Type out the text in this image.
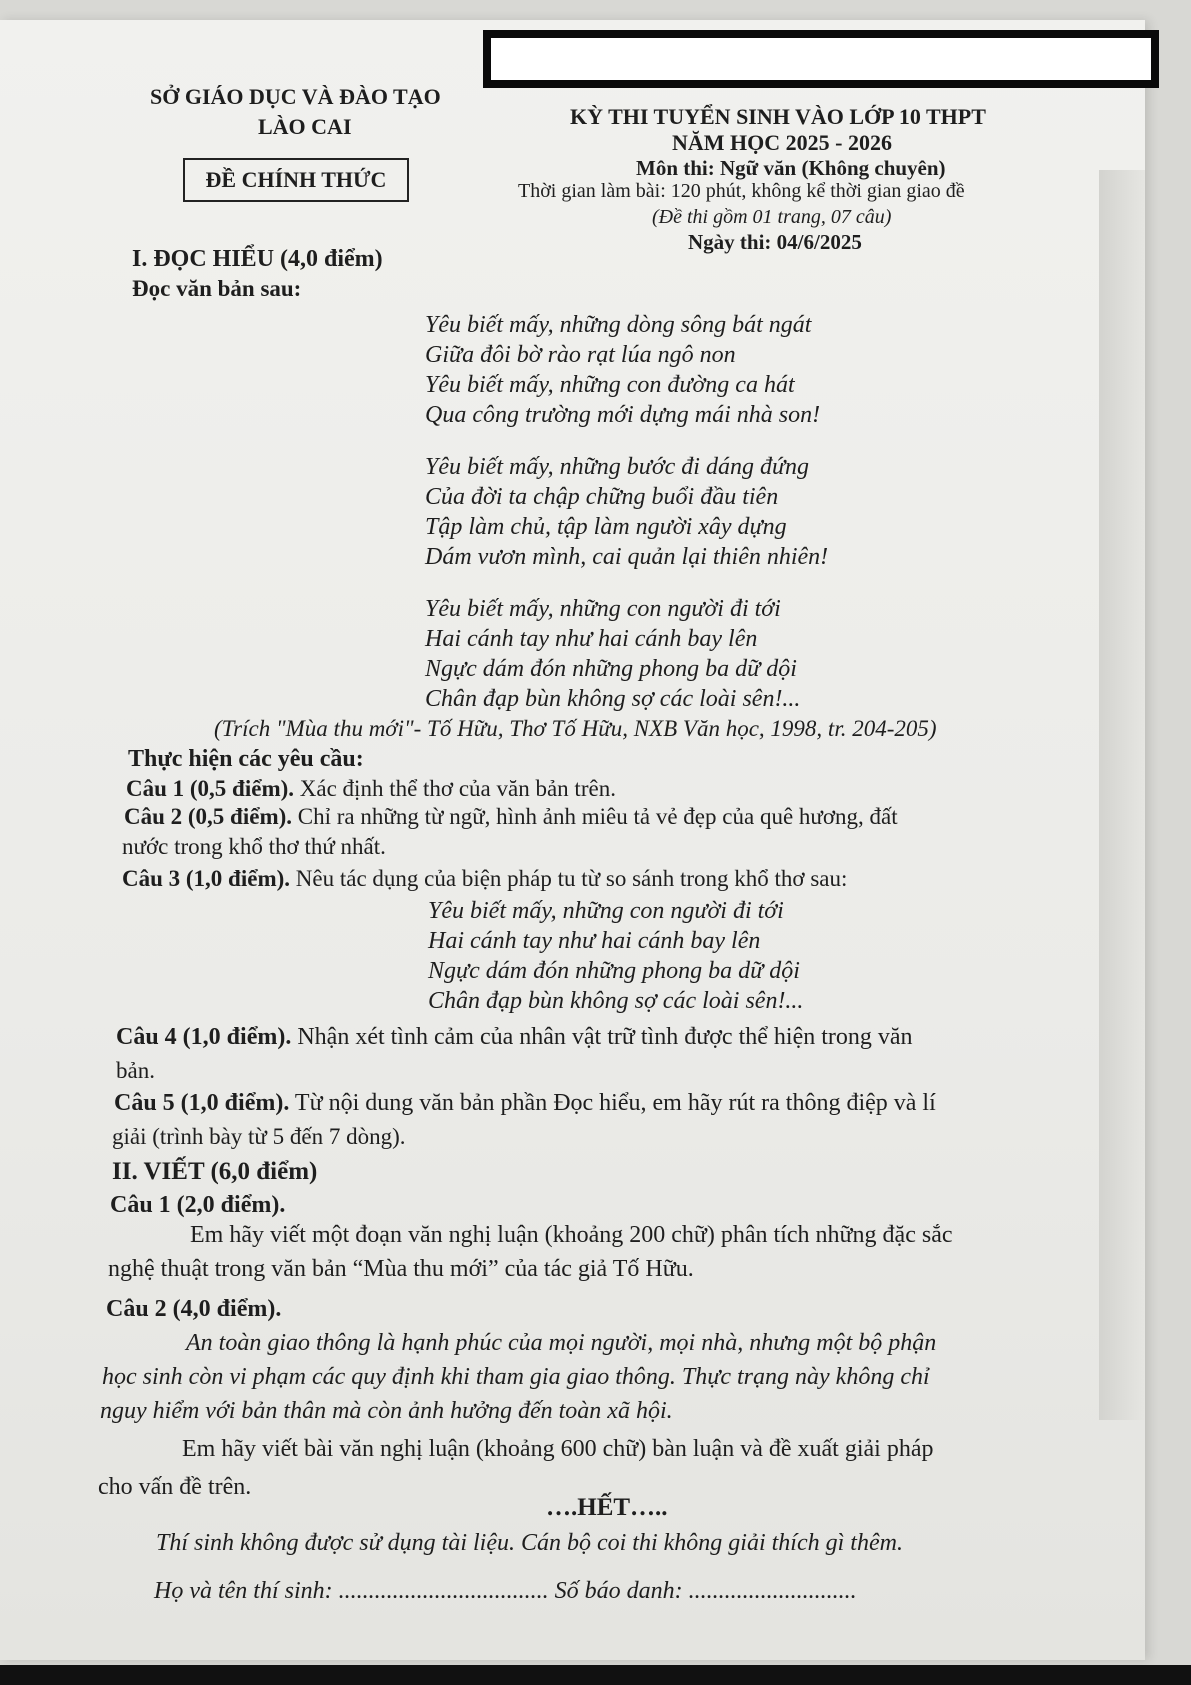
SỞ GIÁO DỤC VÀ ĐÀO TẠO
LÀO CAI
ĐỀ CHÍNH THỨC
KỲ THI TUYỂN SINH VÀO LỚP 10 THPT
NĂM HỌC 2025 - 2026
Môn thi: Ngữ văn (Không chuyên)
Thời gian làm bài: 120 phút, không kể thời gian giao đề
(Đề thi gồm 01 trang, 07 câu)
Ngày thi: 04/6/2025
I. ĐỌC HIỂU (4,0 điểm)
Đọc văn bản sau:
Yêu biết mấy, những dòng sông bát ngát
Giữa đôi bờ rào rạt lúa ngô non
Yêu biết mấy, những con đường ca hát
Qua công trường mới dựng mái nhà son!
Yêu biết mấy, những bước đi dáng đứng
Của đời ta chập chững buổi đầu tiên
Tập làm chủ, tập làm người xây dựng
Dám vươn mình, cai quản lại thiên nhiên!
Yêu biết mấy, những con người đi tới
Hai cánh tay như hai cánh bay lên
Ngực dám đón những phong ba dữ dội
Chân đạp bùn không sợ các loài sên!...
(Trích "Mùa thu mới"- Tố Hữu, Thơ Tố Hữu, NXB Văn học, 1998, tr. 204-205)
Thực hiện các yêu cầu:
Câu 1 (0,5 điểm). Xác định thể thơ của văn bản trên.
Câu 2 (0,5 điểm). Chỉ ra những từ ngữ, hình ảnh miêu tả vẻ đẹp của quê hương, đất
nước trong khổ thơ thứ nhất.
Câu 3 (1,0 điểm). Nêu tác dụng của biện pháp tu từ so sánh trong khổ thơ sau:
Yêu biết mấy, những con người đi tới
Hai cánh tay như hai cánh bay lên
Ngực dám đón những phong ba dữ dội
Chân đạp bùn không sợ các loài sên!...
Câu 4 (1,0 điểm). Nhận xét tình cảm của nhân vật trữ tình được thể hiện trong văn
bản.
Câu 5 (1,0 điểm). Từ nội dung văn bản phần Đọc hiểu, em hãy rút ra thông điệp và lí
giải (trình bày từ 5 đến 7 dòng).
II. VIẾT (6,0 điểm)
Câu 1 (2,0 điểm).
Em hãy viết một đoạn văn nghị luận (khoảng 200 chữ) phân tích những đặc sắc
nghệ thuật trong văn bản “Mùa thu mới” của tác giả Tố Hữu.
Câu 2 (4,0 điểm).
An toàn giao thông là hạnh phúc của mọi người, mọi nhà, nhưng một bộ phận
học sinh còn vi phạm các quy định khi tham gia giao thông. Thực trạng này không chỉ
nguy hiểm với bản thân mà còn ảnh hưởng đến toàn xã hội.
Em hãy viết bài văn nghị luận (khoảng 600 chữ) bàn luận và đề xuất giải pháp
cho vấn đề trên.
….HẾT…..
Thí sinh không được sử dụng tài liệu. Cán bộ coi thi không giải thích gì thêm.
Họ và tên thí sinh: ................................... Số báo danh: ............................
